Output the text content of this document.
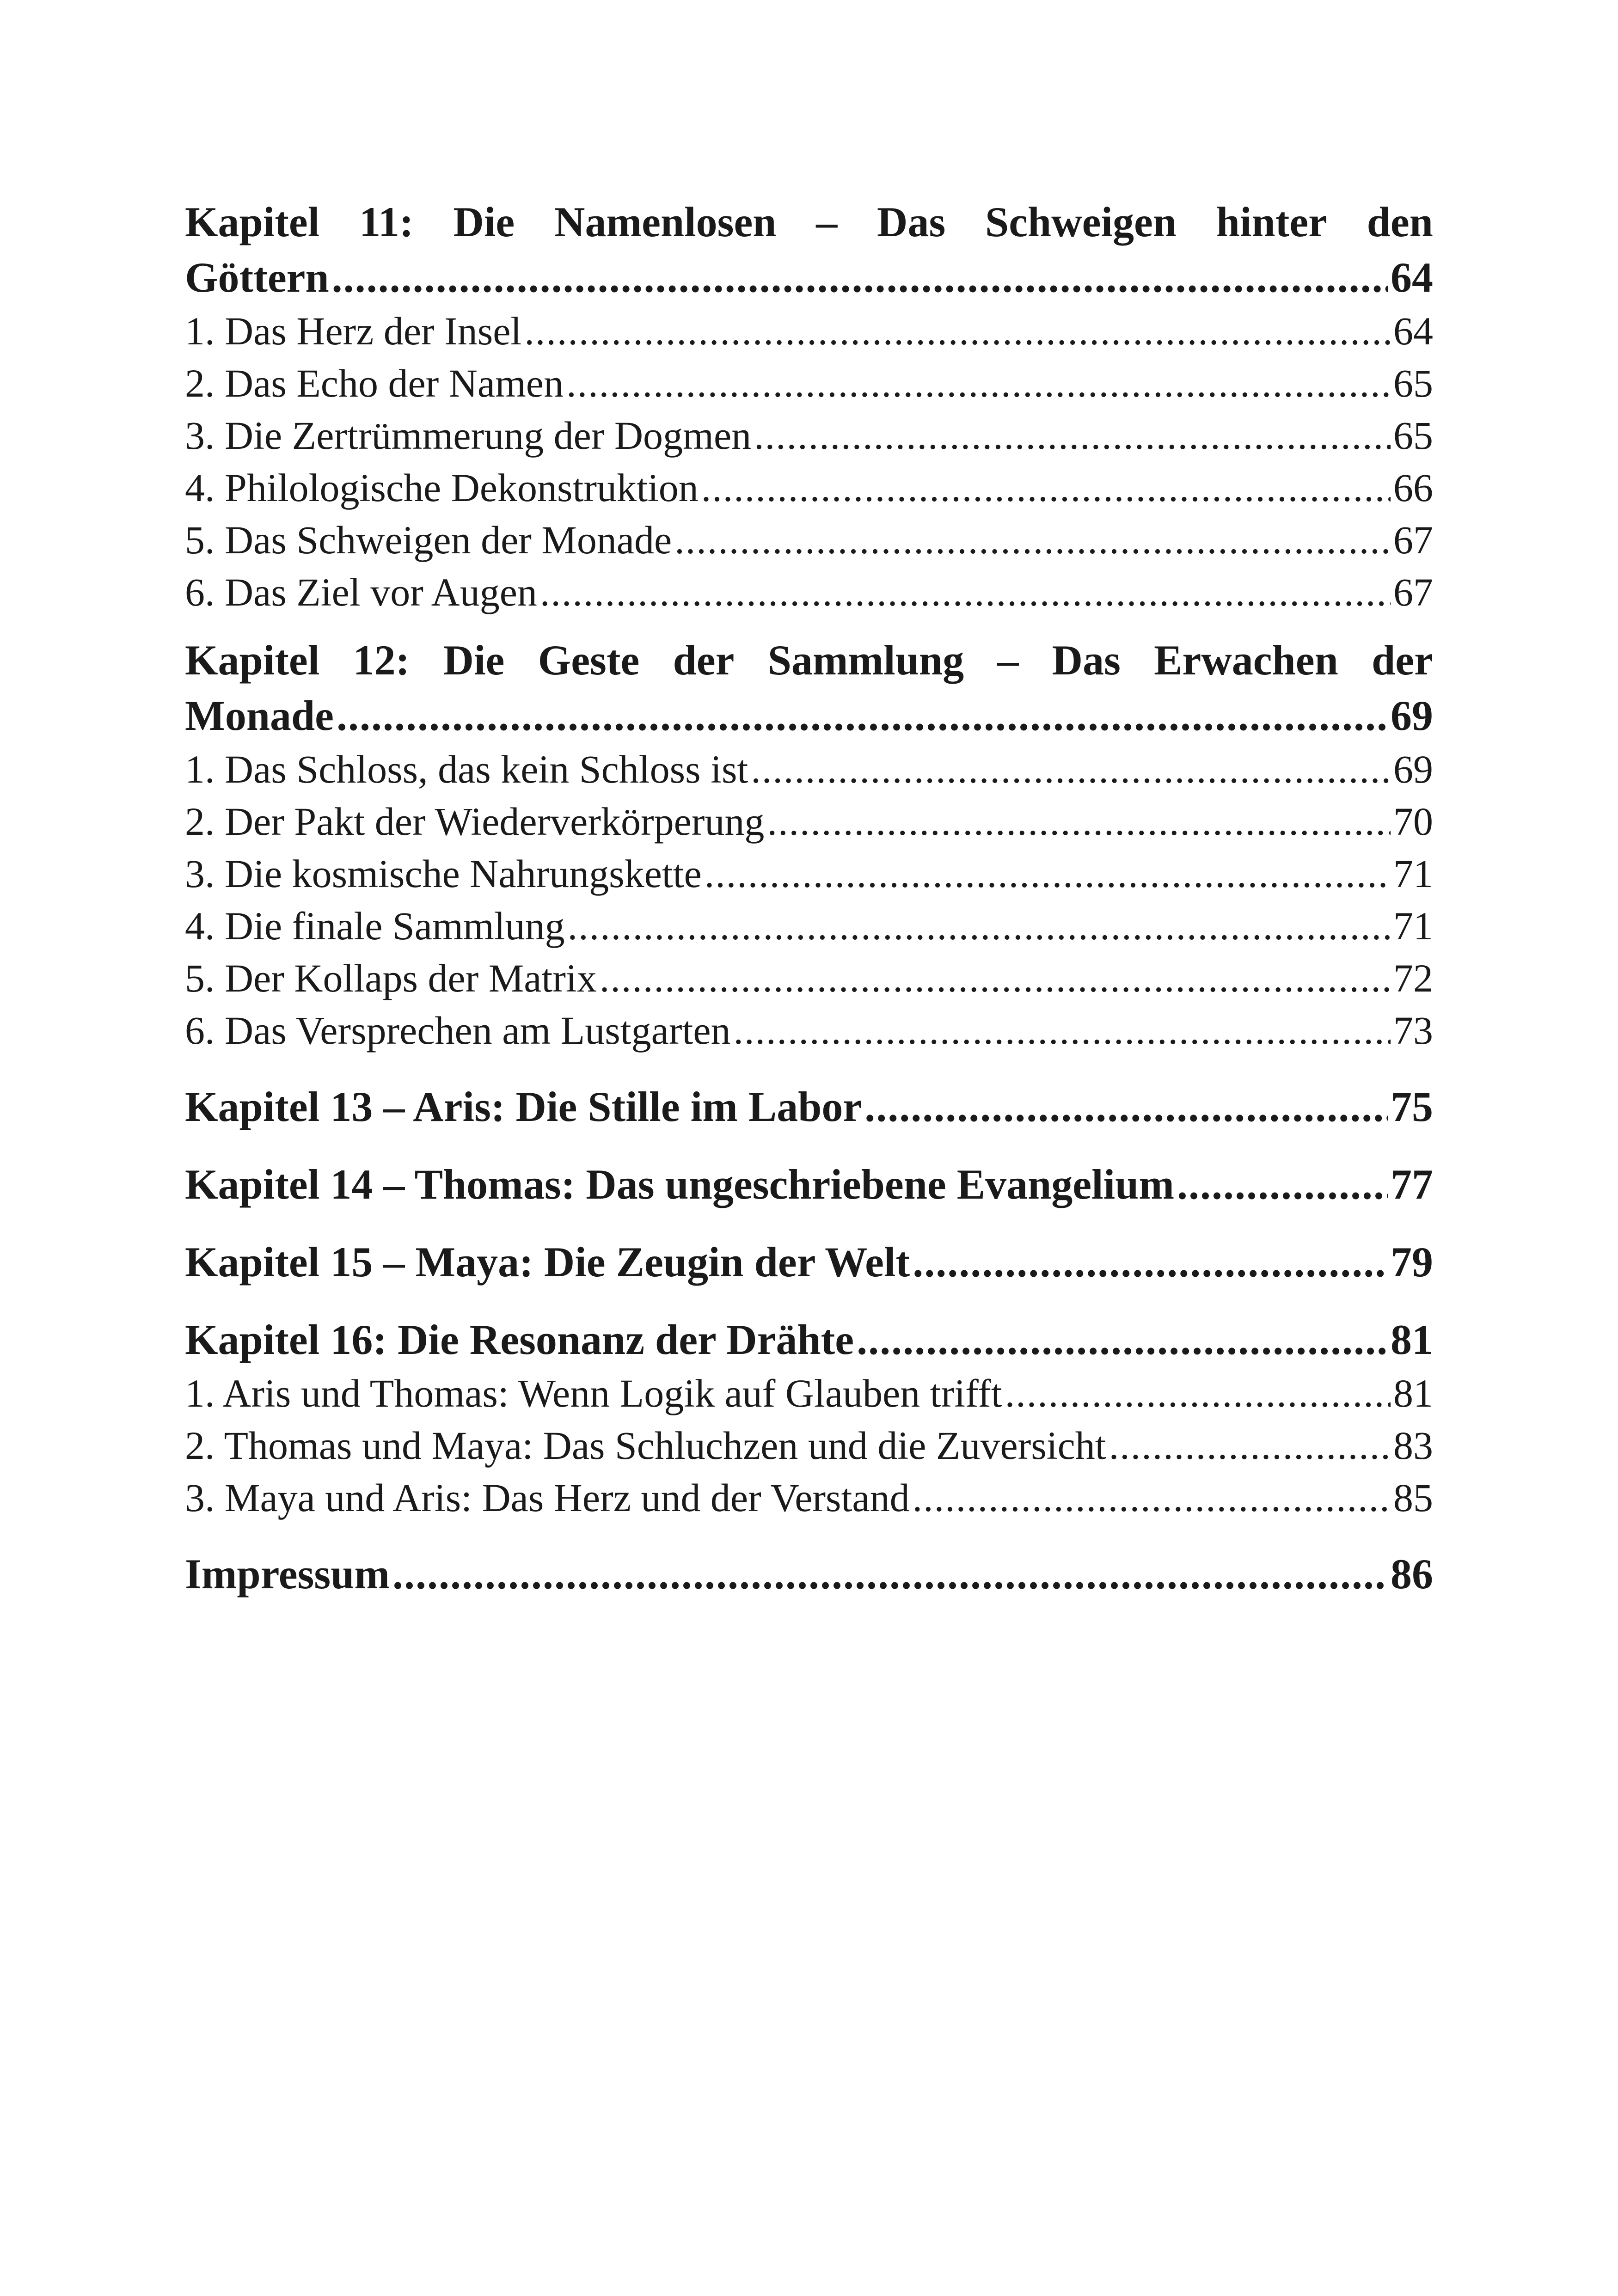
Kapitel 11: Die Namenlosen – Das Schweigen hinter den
Göttern .....	64
1. Das Herz der Insel .....	64
2. Das Echo der Namen .....	65
3. Die Zertrümmerung der Dogmen .....	65
4. Philologische Dekonstruktion .....	66
5. Das Schweigen der Monade .....	67
6. Das Ziel vor Augen .....	67
Kapitel 12: Die Geste der Sammlung – Das Erwachen der
Monade .....	69
1. Das Schloss, das kein Schloss ist .....	69
2. Der Pakt der Wiederverkörperung .....	70
3. Die kosmische Nahrungskette .....	71
4. Die finale Sammlung .....	71
5. Der Kollaps der Matrix .....	72
6. Das Versprechen am Lustgarten .....	73
Kapitel 13 – Aris: Die Stille im Labor .....	75
Kapitel 14 – Thomas: Das ungeschriebene Evangelium .....	77
Kapitel 15 – Maya: Die Zeugin der Welt .....	79
Kapitel 16: Die Resonanz der Drähte .....	81
1. Aris und Thomas: Wenn Logik auf Glauben trifft .....	81
2. Thomas und Maya: Das Schluchzen und die Zuversicht .....	83
3. Maya und Aris: Das Herz und der Verstand .....	85
Impressum .....	86
